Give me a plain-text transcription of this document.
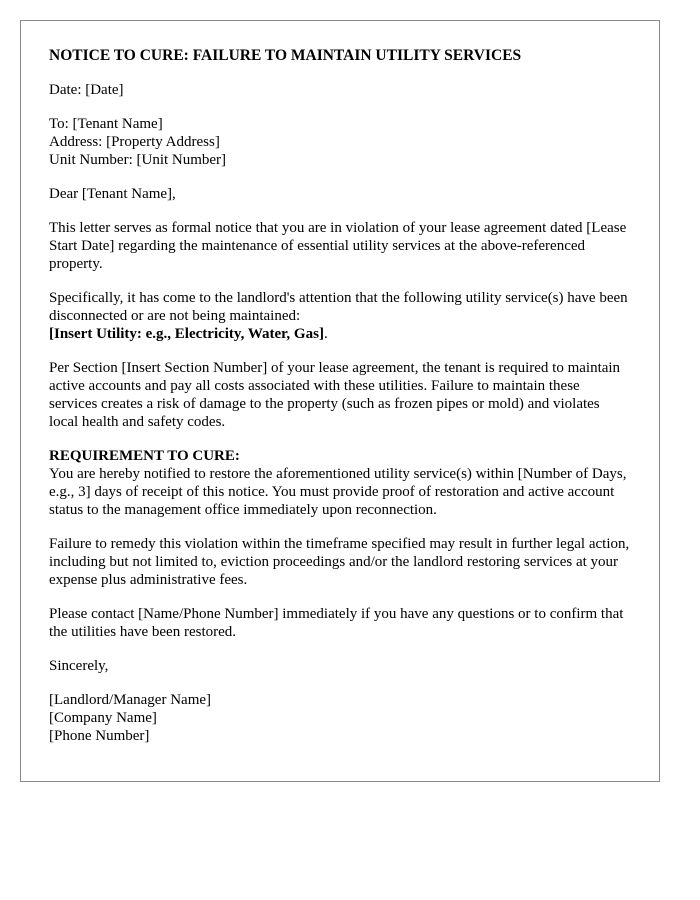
NOTICE TO CURE: FAILURE TO MAINTAIN UTILITY SERVICES

Date: [Date]

To: [Tenant Name]
Address: [Property Address]
Unit Number: [Unit Number]

Dear [Tenant Name],

This letter serves as formal notice that you are in violation of your lease agreement dated [Lease Start Date] regarding the maintenance of essential utility services at the above-referenced property.

Specifically, it has come to the landlord's attention that the following utility service(s) have been disconnected or are not being maintained:
[Insert Utility: e.g., Electricity, Water, Gas].

Per Section [Insert Section Number] of your lease agreement, the tenant is required to maintain active accounts and pay all costs associated with these utilities. Failure to maintain these services creates a risk of damage to the property (such as frozen pipes or mold) and violates local health and safety codes.

REQUIREMENT TO CURE:
You are hereby notified to restore the aforementioned utility service(s) within [Number of Days, e.g., 3] days of receipt of this notice. You must provide proof of restoration and active account status to the management office immediately upon reconnection.

Failure to remedy this violation within the timeframe specified may result in further legal action, including but not limited to, eviction proceedings and/or the landlord restoring services at your expense plus administrative fees.

Please contact [Name/Phone Number] immediately if you have any questions or to confirm that the utilities have been restored.

Sincerely,

[Landlord/Manager Name]
[Company Name]
[Phone Number]
